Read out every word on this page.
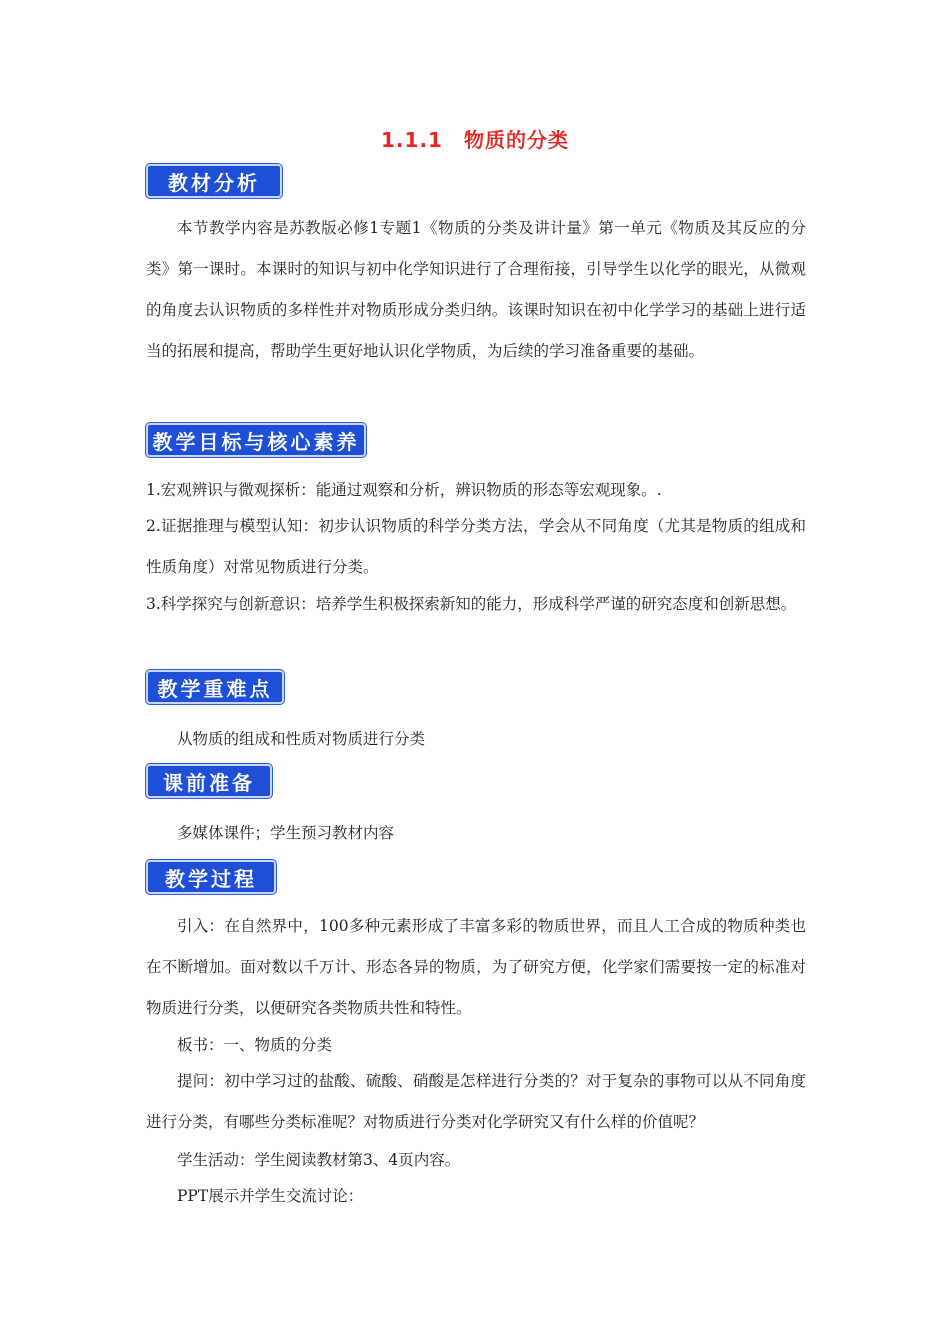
1.1.1　物质的分类
教材分析
本节教学内容是苏教版必修1专题1《物质的分类及讲计量》第一单元《物质及其反应的分类》第一课时。本课时的知识与初中化学知识进行了合理衔接，引导学生以化学的眼光，从微观的角度去认识物质的多样性并对物质形成分类归纳。该课时知识在初中化学学习的基础上进行适当的拓展和提高，帮助学生更好地认识化学物质，为后续的学习准备重要的基础。
教学目标与核心素养
1.宏观辨识与微观探析：能通过观察和分析，辨识物质的形态等宏观现象。.
2.证据推理与模型认知：初步认识物质的科学分类方法，学会从不同角度（尤其是物质的组成和性质角度）对常见物质进行分类。
3.科学探究与创新意识：培养学生积极探索新知的能力，形成科学严谨的研究态度和创新思想。
教学重难点
从物质的组成和性质对物质进行分类
课前准备
多媒体课件；学生预习教材内容
教学过程
引入：在自然界中，100多种元素形成了丰富多彩的物质世界，而且人工合成的物质种类也在不断增加。面对数以千万计、形态各异的物质，为了研究方便，化学家们需要按一定的标准对物质进行分类，以便研究各类物质共性和特性。
板书：一、物质的分类
提问：初中学习过的盐酸、硫酸、硝酸是怎样进行分类的？对于复杂的事物可以从不同角度进行分类，有哪些分类标准呢？对物质进行分类对化学研究又有什么样的价值呢？
学生活动：学生阅读教材第3、4页内容。
PPT展示并学生交流讨论：
